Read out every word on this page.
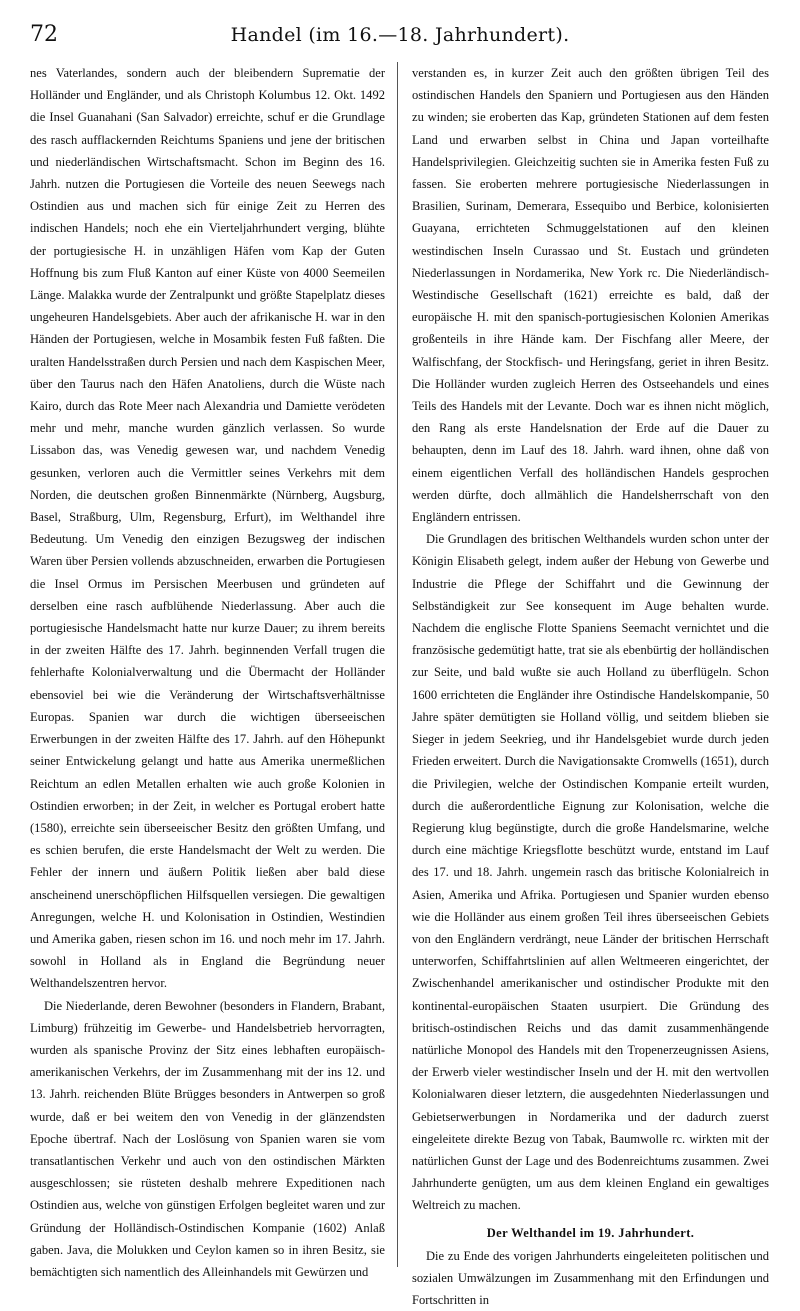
72	Handel (im 16.—18. Jahrhundert).

nes Vaterlandes, sondern auch der bleibendern Suprematie der Holländer und Engländer, und als Christoph Kolumbus 12. Okt. 1492 die Insel Guanahani (San Salvador) erreichte, schuf er die Grundlage des rasch aufflackernden Reichtums Spaniens und jene der britischen und niederländischen Wirtschaftsmacht. Schon im Beginn des 16. Jahrh. nutzen die Portugiesen die Vorteile des neuen Seewegs nach Ostindien aus und machen sich für einige Zeit zu Herren des indischen Handels; noch ehe ein Vierteljahrhundert verging, blühte der portugiesische H. in unzähligen Häfen vom Kap der Guten Hoffnung bis zum Fluß Kanton auf einer Küste von 4000 Seemeilen Länge. Malakka wurde der Zentralpunkt und größte Stapelplatz dieses ungeheuren Handelsgebiets. Aber auch der afrikanische H. war in den Händen der Portugiesen, welche in Mosambik festen Fuß faßten. Die uralten Handelsstraßen durch Persien und nach dem Kaspischen Meer, über den Taurus nach den Häfen Anatoliens, durch die Wüste nach Kairo, durch das Rote Meer nach Alexandria und Damiette verödeten mehr und mehr, manche wurden gänzlich verlassen. So wurde Lissabon das, was Venedig gewesen war, und nachdem Venedig gesunken, verloren auch die Vermittler seines Verkehrs mit dem Norden, die deutschen großen Binnenmärkte (Nürnberg, Augsburg, Basel, Straßburg, Ulm, Regensburg, Erfurt), im Welthandel ihre Bedeutung. Um Venedig den einzigen Bezugsweg der indischen Waren über Persien vollends abzuschneiden, erwarben die Portugiesen die Insel Ormus im Persischen Meerbusen und gründeten auf derselben eine rasch aufblühende Niederlassung. Aber auch die portugiesische Handelsmacht hatte nur kurze Dauer; zu ihrem bereits in der zweiten Hälfte des 17. Jahrh. beginnenden Verfall trugen die fehlerhafte Kolonialverwaltung und die Übermacht der Holländer ebensoviel bei wie die Veränderung der Wirtschaftsverhältnisse Europas. Spanien war durch die wichtigen überseeischen Erwerbungen in der zweiten Hälfte des 17. Jahrh. auf den Höhepunkt seiner Entwickelung gelangt und hatte aus Amerika unermeßlichen Reichtum an edlen Metallen erhalten wie auch große Kolonien in Ostindien erworben; in der Zeit, in welcher es Portugal erobert hatte (1580), erreichte sein überseeischer Besitz den größten Umfang, und es schien berufen, die erste Handelsmacht der Welt zu werden. Die Fehler der innern und äußern Politik ließen aber bald diese anscheinend unerschöpflichen Hilfsquellen versiegen. Die gewaltigen Anregungen, welche H. und Kolonisation in Ostindien, Westindien und Amerika gaben, riesen schon im 16. und noch mehr im 17. Jahrh. sowohl in Holland als in England die Begründung neuer Welthandelszentren hervor.

Die Niederlande, deren Bewohner (besonders in Flandern, Brabant, Limburg) frühzeitig im Gewerbe- und Handelsbetrieb hervorragten, wurden als spanische Provinz der Sitz eines lebhaften europäisch-amerikanischen Verkehrs, der im Zusammenhang mit der ins 12. und 13. Jahrh. reichenden Blüte Brügges besonders in Antwerpen so groß wurde, daß er bei weitem den von Venedig in der glänzendsten Epoche übertraf. Nach der Loslösung von Spanien waren sie vom transatlantischen Verkehr und auch von den ostindischen Märkten ausgeschlossen; sie rüsteten deshalb mehrere Expeditionen nach Ostindien aus, welche von günstigen Erfolgen begleitet waren und zur Gründung der Holländisch-Ostindischen Kompanie (1602) Anlaß gaben. Java, die Molukken und Ceylon kamen so in ihren Besitz, sie bemächtigten sich namentlich des Alleinhandels mit Gewürzen und

verstanden es, in kurzer Zeit auch den größten übrigen Teil des ostindischen Handels den Spaniern und Portugiesen aus den Händen zu winden; sie eroberten das Kap, gründeten Stationen auf dem festen Land und erwarben selbst in China und Japan vorteilhafte Handelsprivilegien. Gleichzeitig suchten sie in Amerika festen Fuß zu fassen. Sie eroberten mehrere portugiesische Niederlassungen in Brasilien, Surinam, Demerara, Essequibo und Berbice, kolonisierten Guayana, errichteten Schmuggelstationen auf den kleinen westindischen Inseln Curassao und St. Eustach und gründeten Niederlassungen in Nordamerika, New York rc. Die Niederländisch-Westindische Gesellschaft (1621) erreichte es bald, daß der europäische H. mit den spanisch-portugiesischen Kolonien Amerikas großenteils in ihre Hände kam. Der Fischfang aller Meere, der Walfischfang, der Stockfisch- und Heringsfang, geriet in ihren Besitz. Die Holländer wurden zugleich Herren des Ostseehandels und eines Teils des Handels mit der Levante. Doch war es ihnen nicht möglich, den Rang als erste Handelsnation der Erde auf die Dauer zu behaupten, denn im Lauf des 18. Jahrh. ward ihnen, ohne daß von einem eigentlichen Verfall des holländischen Handels gesprochen werden dürfte, doch allmählich die Handelsherrschaft von den Engländern entrissen.

Die Grundlagen des britischen Welthandels wurden schon unter der Königin Elisabeth gelegt, indem außer der Hebung von Gewerbe und Industrie die Pflege der Schiffahrt und die Gewinnung der Selbständigkeit zur See konsequent im Auge behalten wurde. Nachdem die englische Flotte Spaniens Seemacht vernichtet und die französische gedemütigt hatte, trat sie als ebenbürtig der holländischen zur Seite, und bald wußte sie auch Holland zu überflügeln. Schon 1600 errichteten die Engländer ihre Ostindische Handelskompanie, 50 Jahre später demütigten sie Holland völlig, und seitdem blieben sie Sieger in jedem Seekrieg, und ihr Handelsgebiet wurde durch jeden Frieden erweitert. Durch die Navigationsakte Cromwells (1651), durch die Privilegien, welche der Ostindischen Kompanie erteilt wurden, durch die außerordentliche Eignung zur Kolonisation, welche die Regierung klug begünstigte, durch die große Handelsmarine, welche durch eine mächtige Kriegsflotte beschützt wurde, entstand im Lauf des 17. und 18. Jahrh. ungemein rasch das britische Kolonialreich in Asien, Amerika und Afrika. Portugiesen und Spanier wurden ebenso wie die Holländer aus einem großen Teil ihres überseeischen Gebiets von den Engländern verdrängt, neue Länder der britischen Herrschaft unterworfen, Schiffahrtslinien auf allen Weltmeeren eingerichtet, der Zwischenhandel amerikanischer und ostindischer Produkte mit den kontinental-europäischen Staaten usurpiert. Die Gründung des britisch-ostindischen Reichs und das damit zusammenhängende natürliche Monopol des Handels mit den Tropenerzeugnissen Asiens, der Erwerb vieler westindischer Inseln und der H. mit den wertvollen Kolonialwaren dieser letztern, die ausgedehnten Niederlassungen und Gebietserwerbungen in Nordamerika und der dadurch zuerst eingeleitete direkte Bezug von Tabak, Baumwolle rc. wirkten mit der natürlichen Gunst der Lage und des Bodenreichtums zusammen. Zwei Jahrhunderte genügten, um aus dem kleinen England ein gewaltiges Weltreich zu machen.

Der Welthandel im 19. Jahrhundert.

Die zu Ende des vorigen Jahrhunderts eingeleiteten politischen und sozialen Umwälzungen im Zusammenhang mit den Erfindungen und Fortschritten in
